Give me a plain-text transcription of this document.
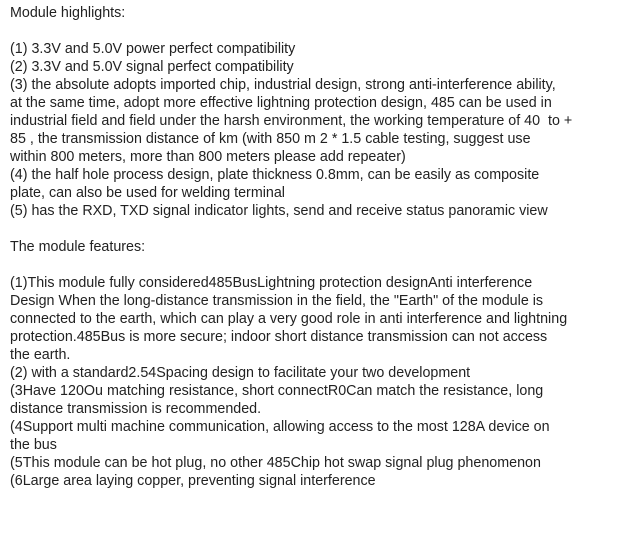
Module highlights:
(1) 3.3V and 5.0V power perfect compatibility
(2) 3.3V and 5.0V signal perfect compatibility
(3) the absolute adopts imported chip, industrial design, strong anti-interference ability,
at the same time, adopt more effective lightning protection design, 485 can be used in
industrial field and field under the harsh environment, the working temperature of 40  to +
85 , the transmission distance of km (with 850 m 2 * 1.5 cable testing, suggest use
within 800 meters, more than 800 meters please add repeater)
(4) the half hole process design, plate thickness 0.8mm, can be easily as composite
plate, can also be used for welding terminal
(5) has the RXD, TXD signal indicator lights, send and receive status panoramic view
The module features:
(1)This module fully considered485BusLightning protection designAnti interference
Design When the long-distance transmission in the field, the "Earth" of the module is
connected to the earth, which can play a very good role in anti interference and lightning
protection.485Bus is more secure; indoor short distance transmission can not access
the earth.
(2) with a standard2.54Spacing design to facilitate your two development
(3Have 120Ou matching resistance, short connectR0Can match the resistance, long
distance transmission is recommended.
(4Support multi machine communication, allowing access to the most 128A device on
the bus
(5This module can be hot plug, no other 485Chip hot swap signal plug phenomenon
(6Large area laying copper, preventing signal interference
